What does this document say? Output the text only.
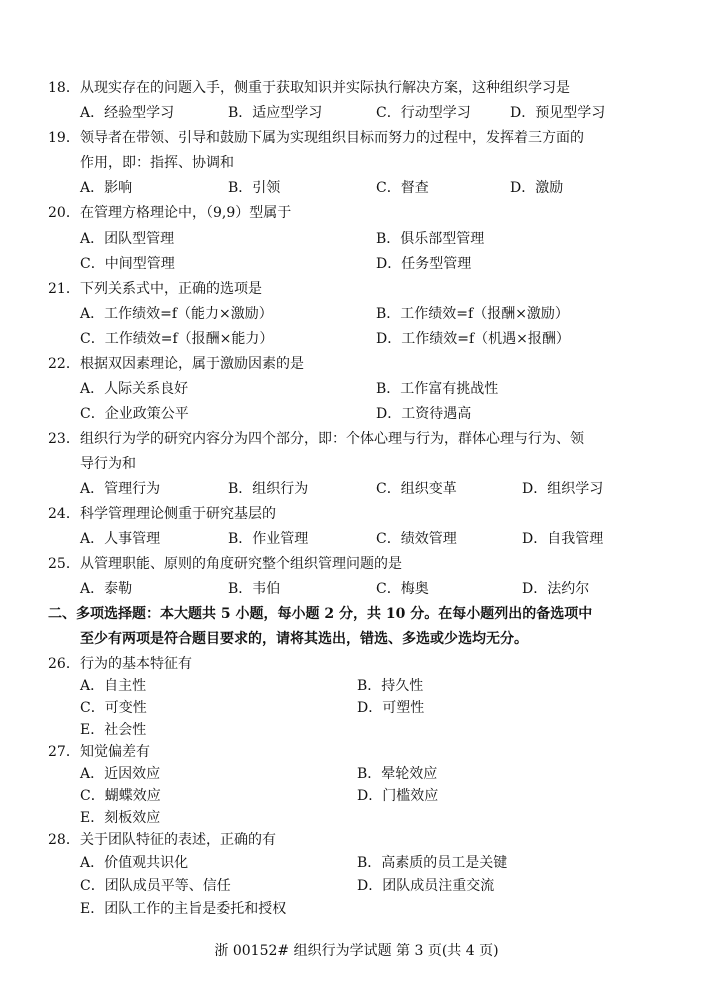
18． 从现实存在的问题入手，侧重于获取知识并实际执行解决方案，这种组织学习是
A．经验型学习	B．适应型学习	C．行动型学习	D．预见型学习
19． 领导者在带领、引导和鼓励下属为实现组织目标而努力的过程中，发挥着三方面的
作用，即：指挥、协调和
A．影响	B．引领	C．督查	D．激励
20． 在管理方格理论中，（9,9）型属于
A．团队型管理	B．俱乐部型管理
C．中间型管理	D．任务型管理
21． 下列关系式中，正确的选项是
A．工作绩效=f（能力×激励）	B．工作绩效=f（报酬×激励）
C．工作绩效=f（报酬×能力）	D．工作绩效=f（机遇×报酬）
22． 根据双因素理论，属于激励因素的是
A．人际关系良好	B．工作富有挑战性
C．企业政策公平	D．工资待遇高
23． 组织行为学的研究内容分为四个部分，即：个体心理与行为，群体心理与行为、领
导行为和
A．管理行为	B．组织行为	C．组织变革	D．组织学习
24． 科学管理理论侧重于研究基层的
A．人事管理	B．作业管理	C．绩效管理	D．自我管理
25． 从管理职能、原则的角度研究整个组织管理问题的是
A．泰勒	B．韦伯	C．梅奥	D．法约尔
二、多项选择题：本大题共 5 小题，每小题 2 分，共 10 分。在每小题列出的备选项中
至少有两项是符合题目要求的，请将其选出，错选、多选或少选均无分。
26． 行为的基本特征有
A．自主性	B．持久性
C．可变性	D．可塑性
E．社会性
27． 知觉偏差有
A．近因效应	B．晕轮效应
C．蝴蝶效应	D．门槛效应
E．刻板效应
28． 关于团队特征的表述，正确的有
A．价值观共识化	B．高素质的员工是关键
C．团队成员平等、信任	D．团队成员注重交流
E．团队工作的主旨是委托和授权
浙 00152# 组织行为学试题 第 3 页(共 4 页)
